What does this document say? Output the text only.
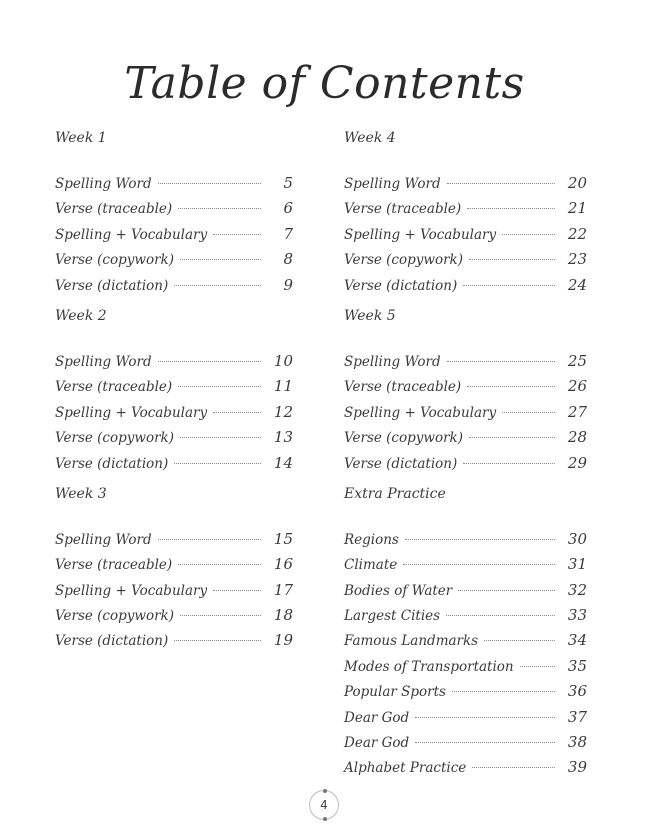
Table of Contents
Week 1
Spelling Word	5
Verse (traceable)	6
Spelling + Vocabulary	7
Verse (copywork)	8
Verse (dictation)	9
Week 2
Spelling Word	10
Verse (traceable)	11
Spelling + Vocabulary	12
Verse (copywork)	13
Verse (dictation)	14
Week 3
Spelling Word	15
Verse (traceable)	16
Spelling + Vocabulary	17
Verse (copywork)	18
Verse (dictation)	19
Week 4
Spelling Word	20
Verse (traceable)	21
Spelling + Vocabulary	22
Verse (copywork)	23
Verse (dictation)	24
Week 5
Spelling Word	25
Verse (traceable)	26
Spelling + Vocabulary	27
Verse (copywork)	28
Verse (dictation)	29
Extra Practice
Regions	30
Climate	31
Bodies of Water	32
Largest Cities	33
Famous Landmarks	34
Modes of Transportation	35
Popular Sports	36
Dear God	37
Dear God	38
Alphabet Practice	39
4
